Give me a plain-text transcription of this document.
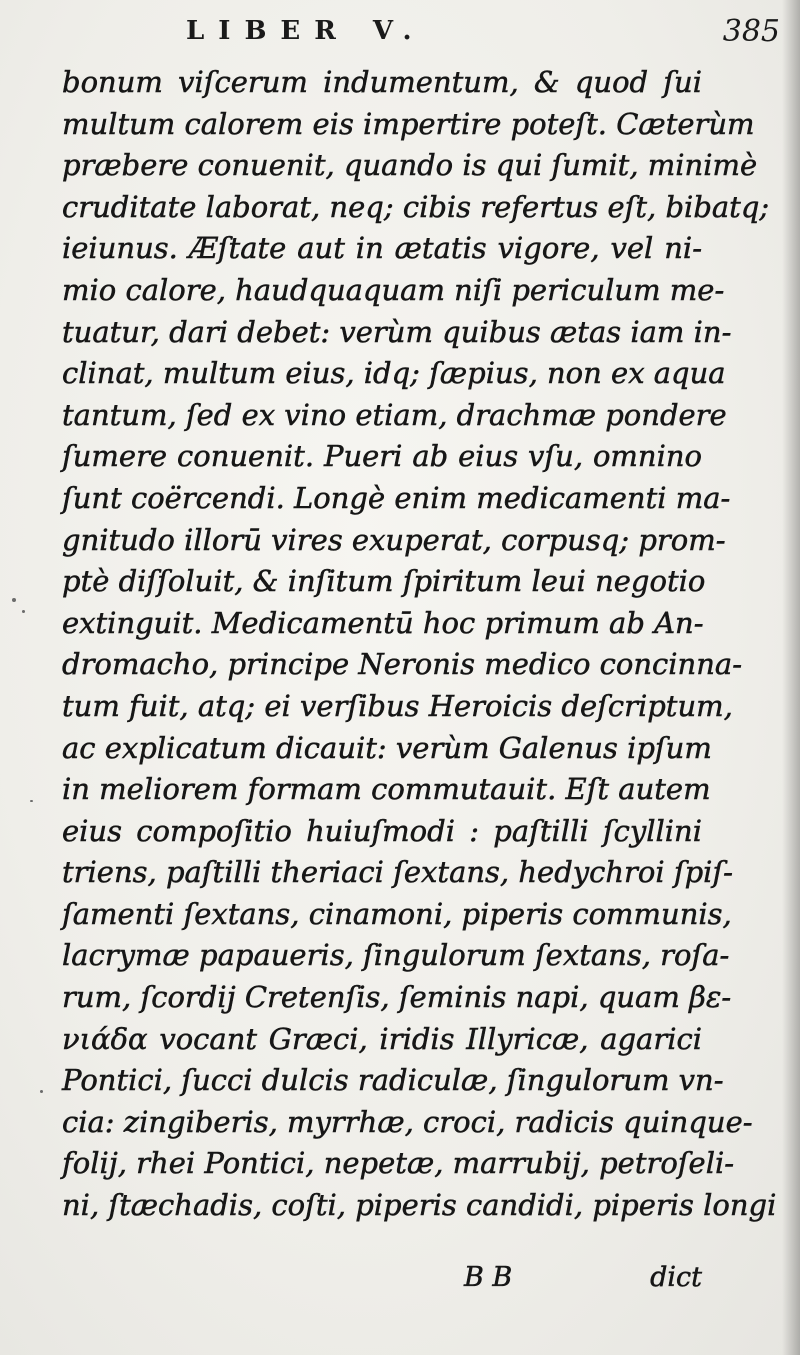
LIBER V.	385
bonum viſcerum indumentum, & quod ſui
multum calorem eis impertire poteſt. Cæterùm
præbere conuenit, quando is qui ſumit, minimè
cruditate laborat, neq; cibis refertus eſt, bibatq;
ieiunus. Æſtate aut in ætatis vigore, vel ni-
mio calore, haudquaquam niſi periculum me-
tuatur, dari debet: verùm quibus ætas iam in-
clinat, multum eius, idq; ſæpius, non ex aqua
tantum, ſed ex vino etiam, drachmæ pondere
ſumere conuenit. Pueri ab eius vſu, omnino
ſunt coërcendi. Longè enim medicamenti ma-
gnitudo illorū vires exuperat, corpusq; prom-
ptè diſſoluit, & inſitum ſpiritum leui negotio
extinguit. Medicamentū hoc primum ab An-
dromacho, principe Neronis medico concinna-
tum fuit, atq; ei verſibus Heroicis deſcriptum,
ac explicatum dicauit: verùm Galenus ipſum
in meliorem formam commutauit. Eſt autem
eius compoſitio huiuſmodi : paſtilli ſcyllini
triens, paſtilli theriaci ſextans, hedychroi ſpiſ-
ſamenti ſextans, cinamoni, piperis communis,
lacrymæ papaueris, ſingulorum ſextans, roſa-
rum, ſcordij Cretenſis, ſeminis napi, quam βε-
νιάδα vocant Græci, iridis Illyricæ, agarici
Pontici, ſucci dulcis radiculæ, ſingulorum vn-
cia: zingiberis, myrrhæ, croci, radicis quinque-
folij, rhei Pontici, nepetæ, marrubij, petroſeli-
ni, ſtæchadis, coſti, piperis candidi, piperis longi
B B	dict
